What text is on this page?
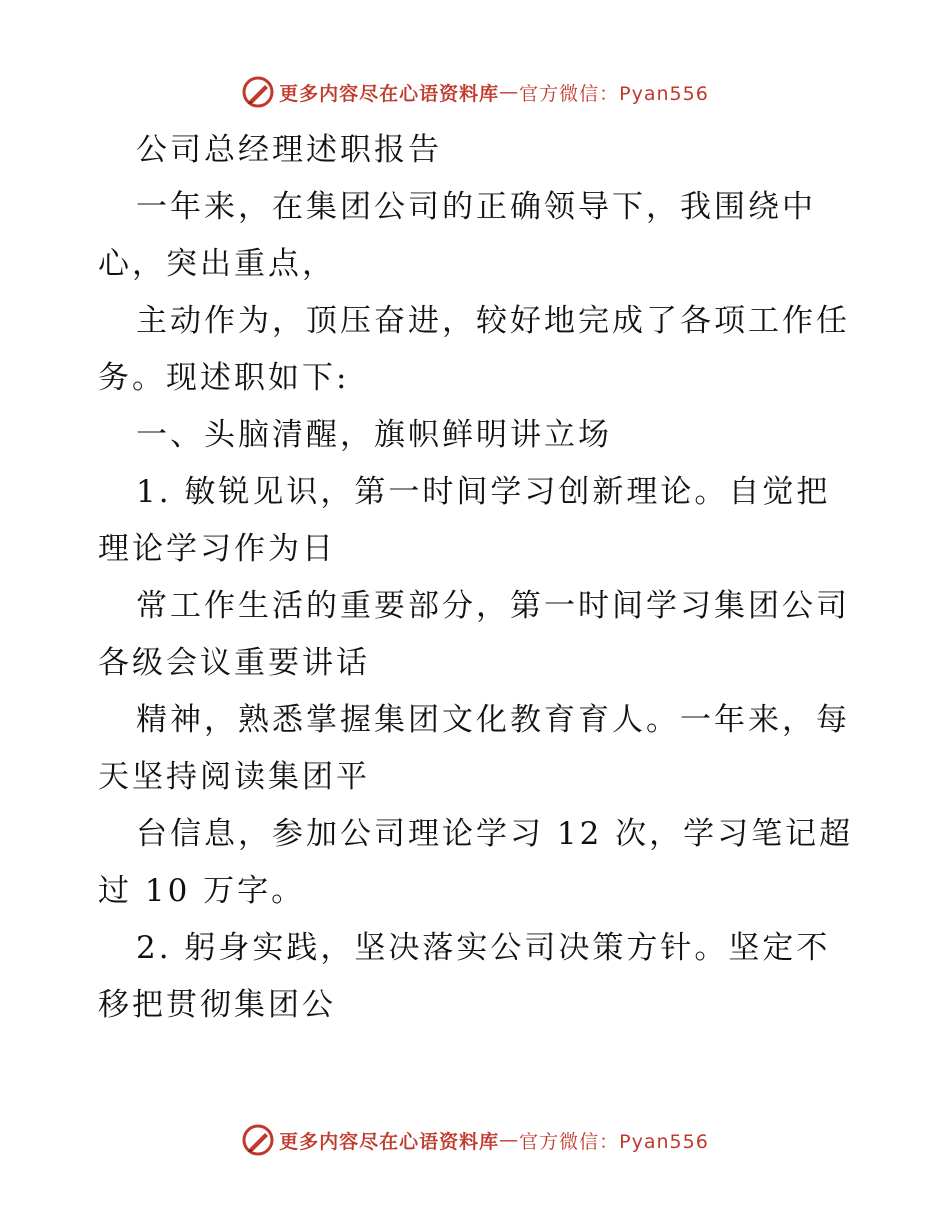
更多内容尽在心语资料库 — 官方微信：Pyan556
公司总经理述职报告
一年来，在集团公司的正确领导下，我围绕中
心，突出重点，
主动作为，顶压奋进，较好地完成了各项工作任
务。现述职如下:
一、头脑清醒，旗帜鲜明讲立场
1. 敏锐见识，第一时间学习创新理论。自觉把
理论学习作为日
常工作生活的重要部分，第一时间学习集团公司
各级会议重要讲话
精神，熟悉掌握集团文化教育育人。一年来，每
天坚持阅读集团平
台信息，参加公司理论学习 12 次，学习笔记超
过 10 万字。
2. 躬身实践，坚决落实公司决策方针。坚定不
移把贯彻集团公
更多内容尽在心语资料库 — 官方微信：Pyan556
